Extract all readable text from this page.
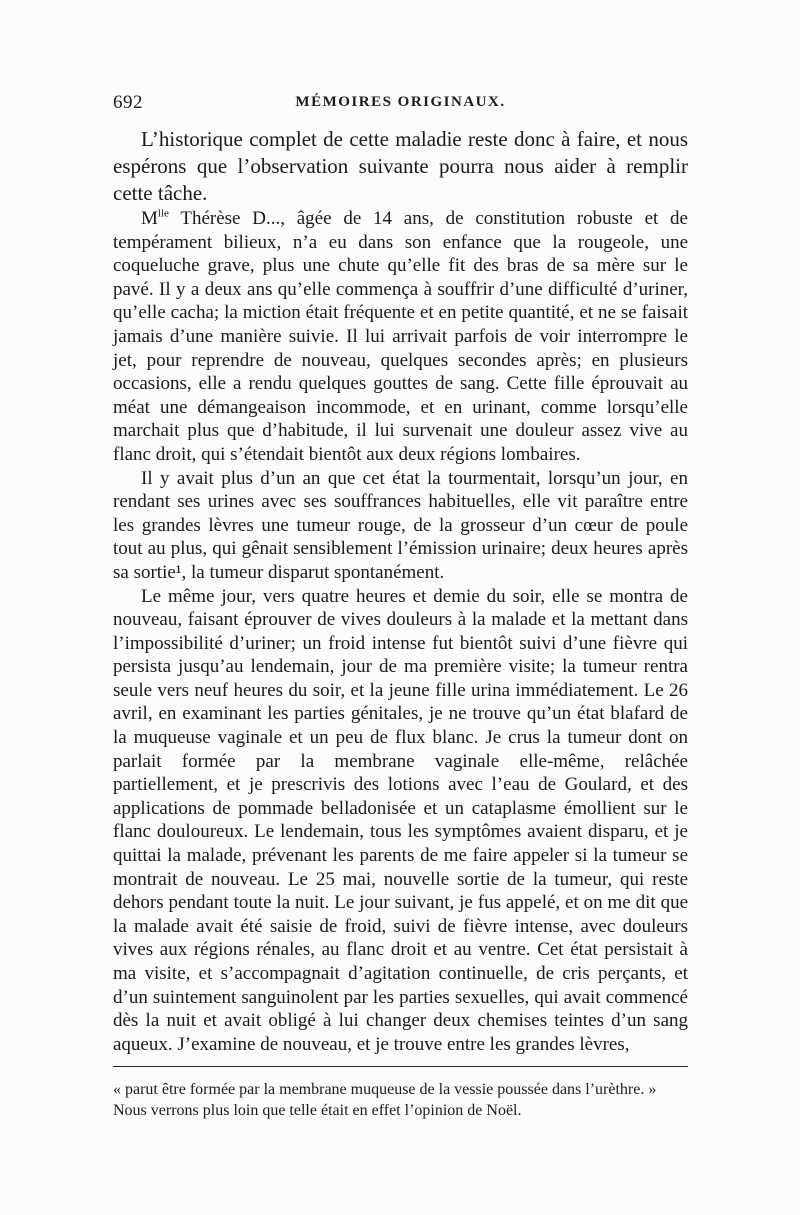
692	MÉMOIRES ORIGINAUX.

L’historique complet de cette maladie reste donc à faire, et nous espérons que l’observation suivante pourra nous aider à remplir cette tâche.

$M^{lle}$ Thérèse D..., âgée de 14 ans, de constitution robuste et de tempérament bilieux, n’a eu dans son enfance que la rougeole, une coqueluche grave, plus une chute qu’elle fit des bras de sa mère sur le pavé. Il y a deux ans qu’elle commença à souffrir d’une difficulté d’uriner, qu’elle cacha; la miction était fréquente et en petite quantité, et ne se faisait jamais d’une manière suivie. Il lui arrivait parfois de voir interrompre le jet, pour reprendre de nouveau, quelques secondes après; en plusieurs occasions, elle a rendu quelques gouttes de sang. Cette fille éprouvait au méat une démangeaison incommode, et en urinant, comme lorsqu’elle marchait plus que d’habitude, il lui survenait une douleur assez vive au flanc droit, qui s’étendait bientôt aux deux régions lombaires.

Il y avait plus d’un an que cet état la tourmentait, lorsqu’un jour, en rendant ses urines avec ses souffrances habituelles, elle vit paraître entre les grandes lèvres une tumeur rouge, de la grosseur d’un cœur de poule tout au plus, qui gênait sensiblement l’émission urinaire; deux heures après sa sortie¹, la tumeur disparut spontanément.

Le même jour, vers quatre heures et demie du soir, elle se montra de nouveau, faisant éprouver de vives douleurs à la malade et la mettant dans l’impossibilité d’uriner; un froid intense fut bientôt suivi d’une fièvre qui persista jusqu’au lendemain, jour de ma première visite; la tumeur rentra seule vers neuf heures du soir, et la jeune fille urina immédiatement. Le 26 avril, en examinant les parties génitales, je ne trouve qu’un état blafard de la muqueuse vaginale et un peu de flux blanc. Je crus la tumeur dont on parlait formée par la membrane vaginale elle-même, relâchée partiellement, et je prescrivis des lotions avec l’eau de Goulard, et des applications de pommade belladonisée et un cataplasme émollient sur le flanc douloureux. Le lendemain, tous les symptômes avaient disparu, et je quittai la malade, prévenant les parents de me faire appeler si la tumeur se montrait de nouveau. Le 25 mai, nouvelle sortie de la tumeur, qui reste dehors pendant toute la nuit. Le jour suivant, je fus appelé, et on me dit que la malade avait été saisie de froid, suivi de fièvre intense, avec douleurs vives aux régions rénales, au flanc droit et au ventre. Cet état persistait à ma visite, et s’accompagnait d’agitation continuelle, de cris perçants, et d’un suintement sanguinolent par les parties sexuelles, qui avait commencé dès la nuit et avait obligé à lui changer deux chemises teintes d’un sang aqueux. J’examine de nouveau, et je trouve entre les grandes lèvres,

« parut être formée par la membrane muqueuse de la vessie poussée dans l’urèthre. »

Nous verrons plus loin que telle était en effet l’opinion de Noël.
